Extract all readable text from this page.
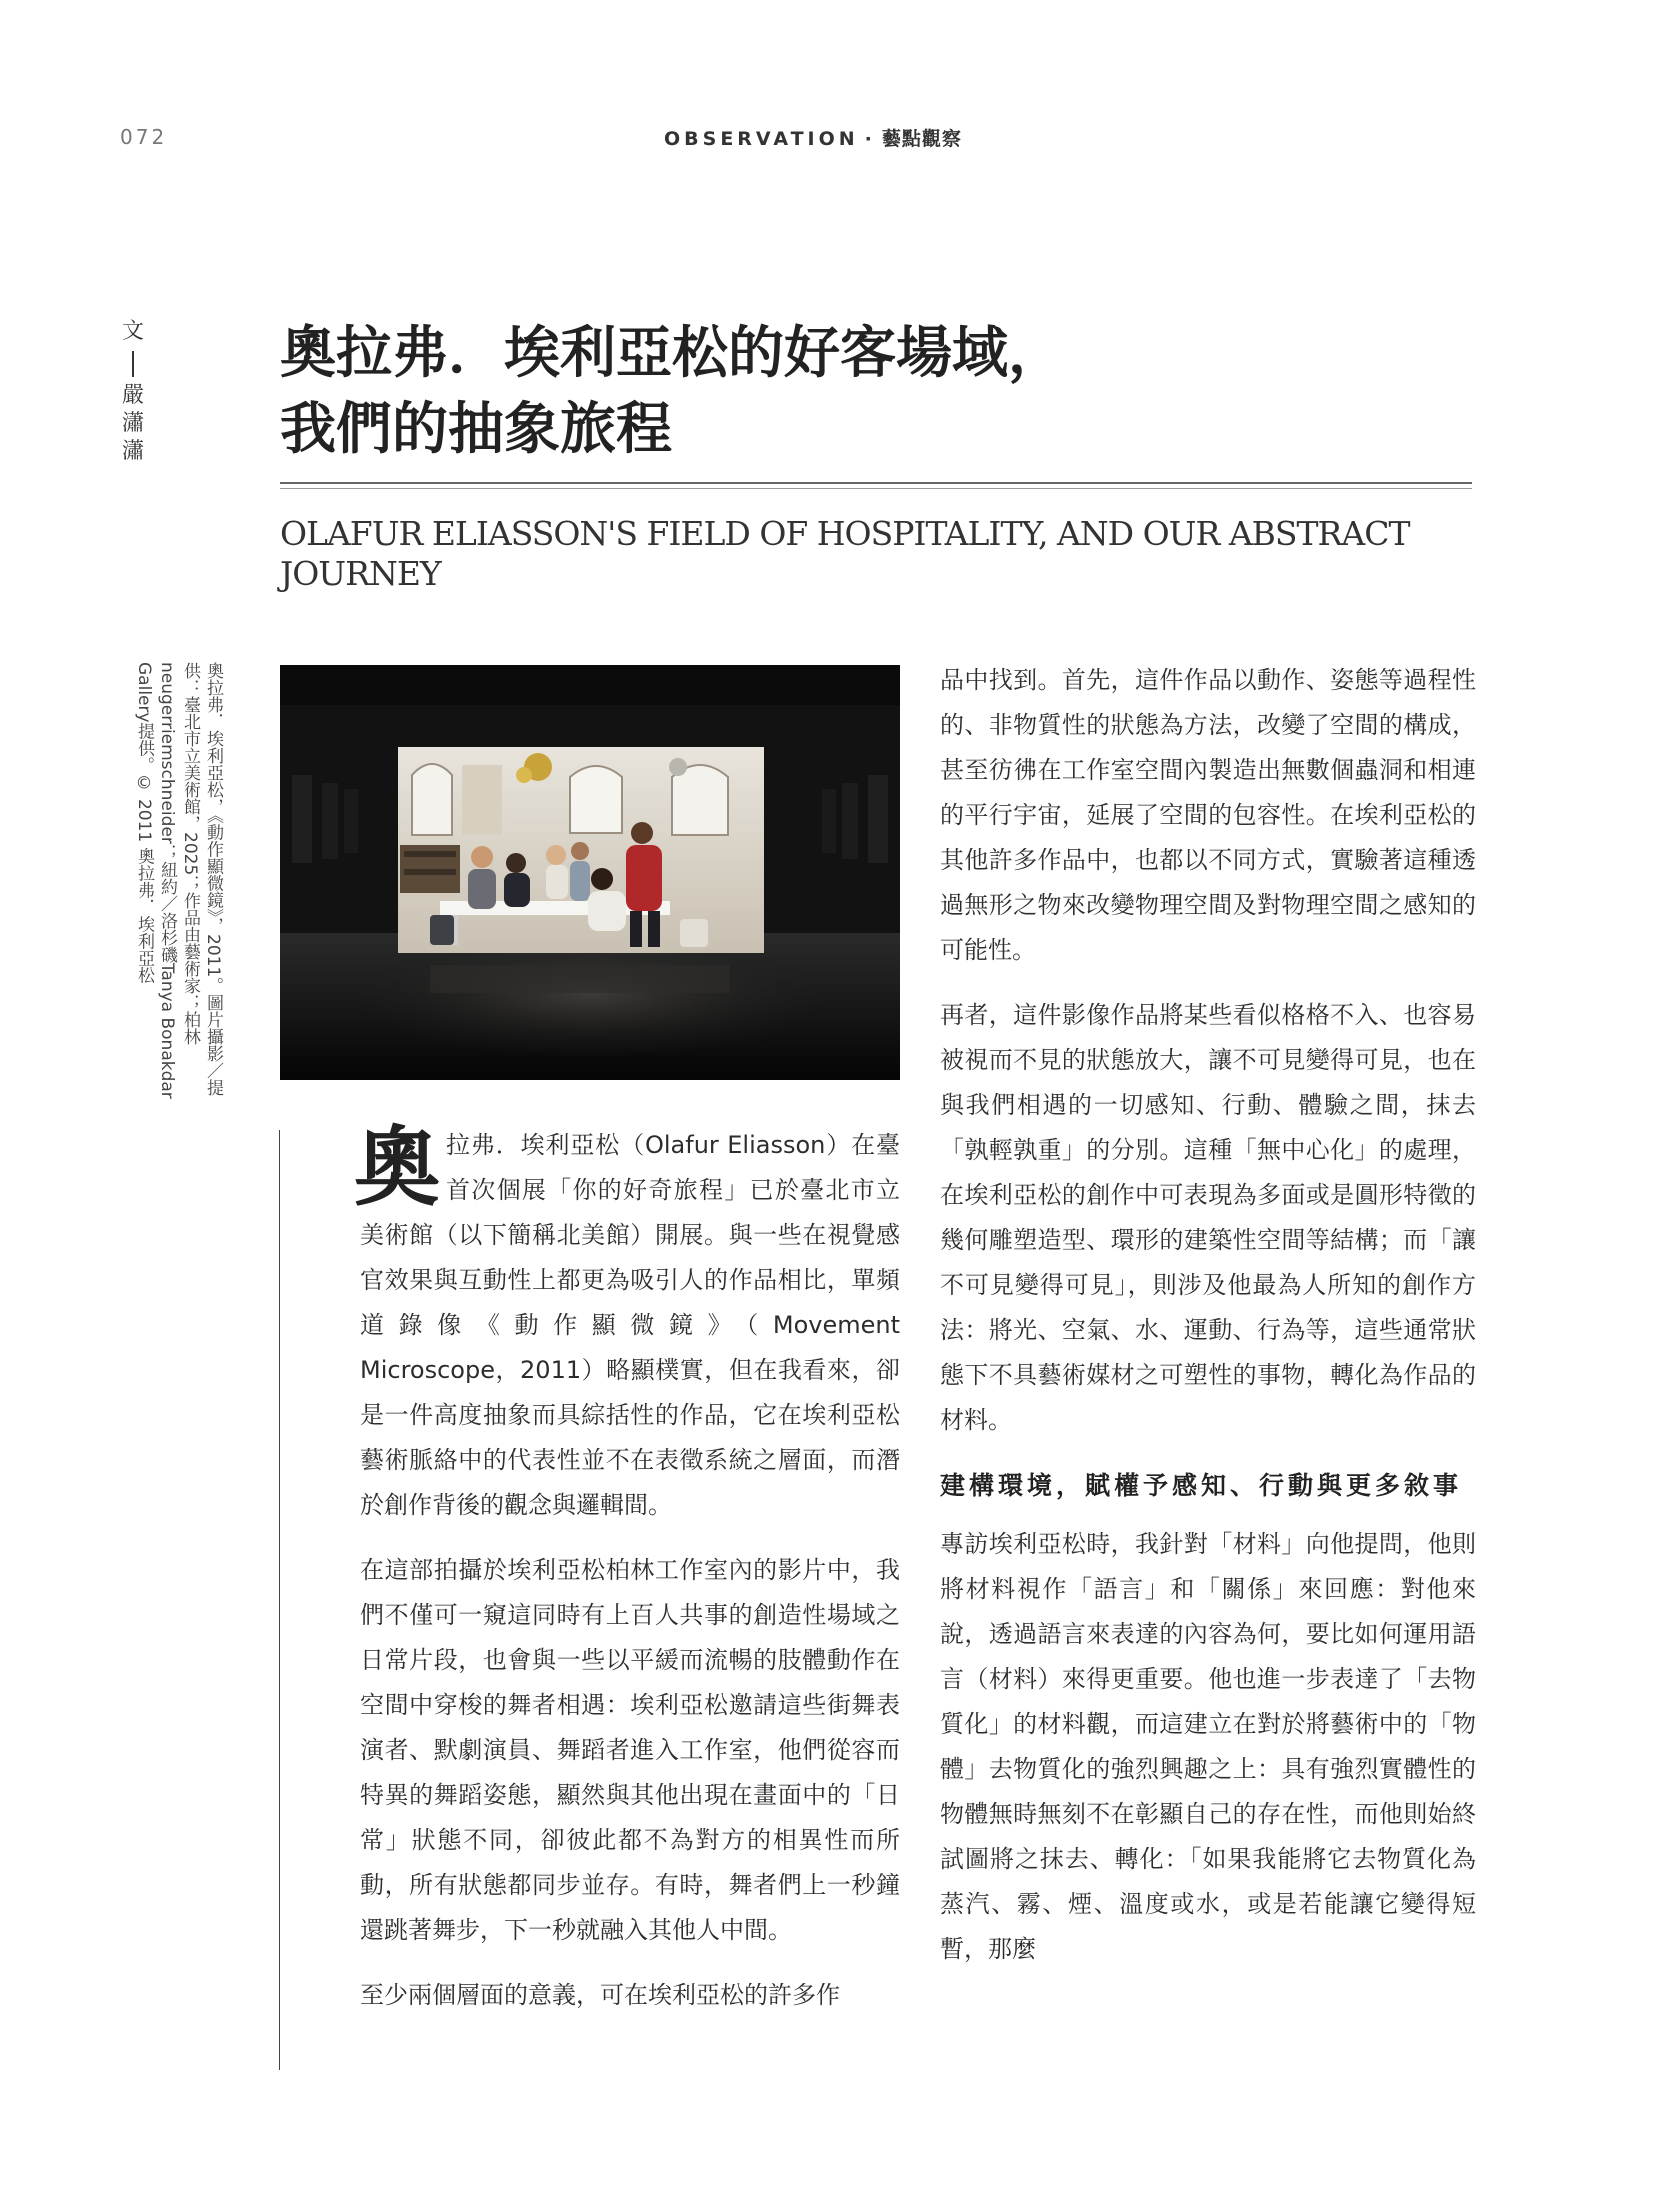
072	OBSERVATION · 藝點觀察
文
嚴
瀟
瀟
奧拉弗．埃利亞松的好客場域，
我們的抽象旅程
OLAFUR ELIASSON'S FIELD OF HOSPITALITY, AND OUR ABSTRACT JOURNEY
奧拉弗．埃利亞松，《動作顯微鏡》，2011。圖片攝影／提供：臺北市立美術館，2025；作品由藝術家；柏林neugerriemschneider；紐約／洛杉磯Tanya Bonakdar Gallery提供。© 2011 奧拉弗．埃利亞松

奧拉弗．埃利亞松（Olafur Eliasson）在臺首次個展「你的好奇旅程」已於臺北市立美術館（以下簡稱北美館）開展。與一些在視覺感官效果與互動性上都更為吸引人的作品相比，單頻道錄像《動作顯微鏡》（Movement Microscope，2011）略顯樸實，但在我看來，卻是一件高度抽象而具綜括性的作品，它在埃利亞松藝術脈絡中的代表性並不在表徵系統之層面，而潛於創作背後的觀念與邏輯間。

在這部拍攝於埃利亞松柏林工作室內的影片中，我們不僅可一窺這同時有上百人共事的創造性場域之日常片段，也會與一些以平緩而流暢的肢體動作在空間中穿梭的舞者相遇：埃利亞松邀請這些街舞表演者、默劇演員、舞蹈者進入工作室，他們從容而特異的舞蹈姿態，顯然與其他出現在畫面中的「日常」狀態不同，卻彼此都不為對方的相異性而所動，所有狀態都同步並存。有時，舞者們上一秒鐘還跳著舞步，下一秒就融入其他人中間。

至少兩個層面的意義，可在埃利亞松的許多作

品中找到。首先，這件作品以動作、姿態等過程性的、非物質性的狀態為方法，改變了空間的構成，甚至彷彿在工作室空間內製造出無數個蟲洞和相連的平行宇宙，延展了空間的包容性。在埃利亞松的其他許多作品中，也都以不同方式，實驗著這種透過無形之物來改變物理空間及對物理空間之感知的可能性。

再者，這件影像作品將某些看似格格不入、也容易被視而不見的狀態放大，讓不可見變得可見，也在與我們相遇的一切感知、行動、體驗之間，抹去「孰輕孰重」的分別。這種「無中心化」的處理，在埃利亞松的創作中可表現為多面或是圓形特徵的幾何雕塑造型、環形的建築性空間等結構；而「讓不可見變得可見」，則涉及他最為人所知的創作方法：將光、空氣、水、運動、行為等，這些通常狀態下不具藝術媒材之可塑性的事物，轉化為作品的材料。

建構環境，賦權予感知、行動與更多敘事

專訪埃利亞松時，我針對「材料」向他提問，他則將材料視作「語言」和「關係」來回應：對他來說，透過語言來表達的內容為何，要比如何運用語言（材料）來得更重要。他也進一步表達了「去物質化」的材料觀，而這建立在對於將藝術中的「物體」去物質化的強烈興趣之上：具有強烈實體性的物體無時無刻不在彰顯自己的存在性，而他則始終試圖將之抹去、轉化：「如果我能將它去物質化為蒸汽、霧、煙、溫度或水，或是若能讓它變得短暫，那麼
